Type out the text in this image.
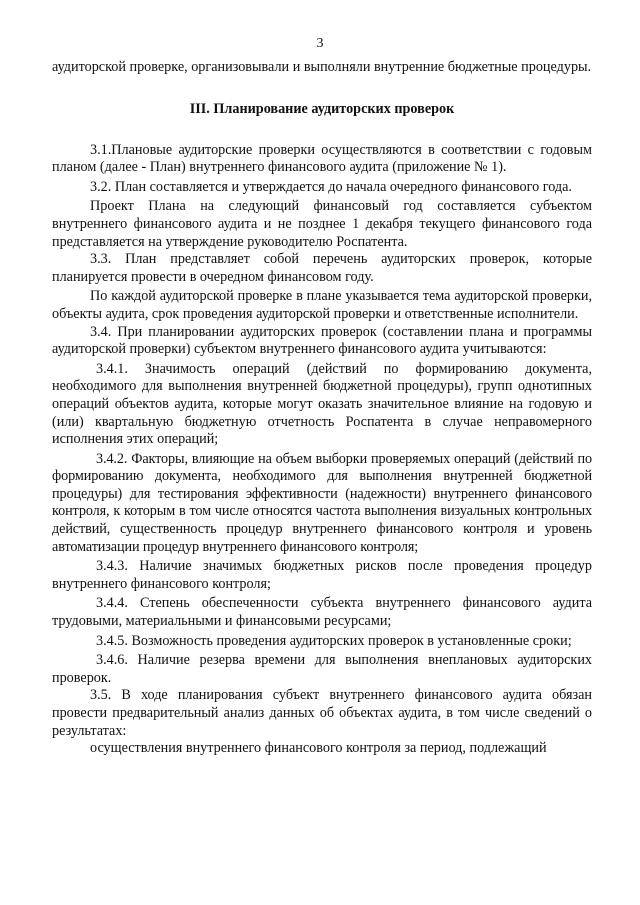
3

аудиторской проверке, организовывали и выполняли внутренние бюджетные процедуры.

III. Планирование аудиторских проверок

3.1.Плановые аудиторские проверки осуществляются в соответствии с годовым планом (далее - План) внутреннего финансового аудита (приложение № 1).

3.2. План составляется и утверждается до начала очередного финансового года.

Проект Плана на следующий финансовый год составляется субъектом внутреннего финансового аудита и не позднее 1 декабря текущего финансового года представляется на утверждение руководителю Роспатента.

3.3. План представляет собой перечень аудиторских проверок, которые планируется провести в очередном финансовом году.

По каждой аудиторской проверке в плане указывается тема аудиторской проверки, объекты аудита, срок проведения аудиторской проверки и ответственные исполнители.

3.4. При планировании аудиторских проверок (составлении плана и программы аудиторской проверки) субъектом внутреннего финансового аудита учитываются:

3.4.1. Значимость операций (действий по формированию документа, необходимого для выполнения внутренней бюджетной процедуры), групп однотипных операций объектов аудита, которые могут оказать значительное влияние на годовую и (или) квартальную бюджетную отчетность Роспатента в случае неправомерного исполнения этих операций;

3.4.2. Факторы, влияющие на объем выборки проверяемых операций (действий по формированию документа, необходимого для выполнения внутренней бюджетной процедуры) для тестирования эффективности (надежности) внутреннего финансового контроля, к которым в том числе относятся частота выполнения визуальных контрольных действий, существенность процедур внутреннего финансового контроля и уровень автоматизации процедур внутреннего финансового контроля;

3.4.3. Наличие значимых бюджетных рисков после проведения процедур внутреннего финансового контроля;

3.4.4. Степень обеспеченности субъекта внутреннего финансового аудита трудовыми, материальными и финансовыми ресурсами;

3.4.5. Возможность проведения аудиторских проверок в установленные сроки;

3.4.6. Наличие резерва времени для выполнения внеплановых аудиторских проверок.

3.5. В ходе планирования субъект внутреннего финансового аудита обязан провести предварительный анализ данных об объектах аудита, в том числе сведений о результатах:

осуществления внутреннего финансового контроля за период, подлежащий
